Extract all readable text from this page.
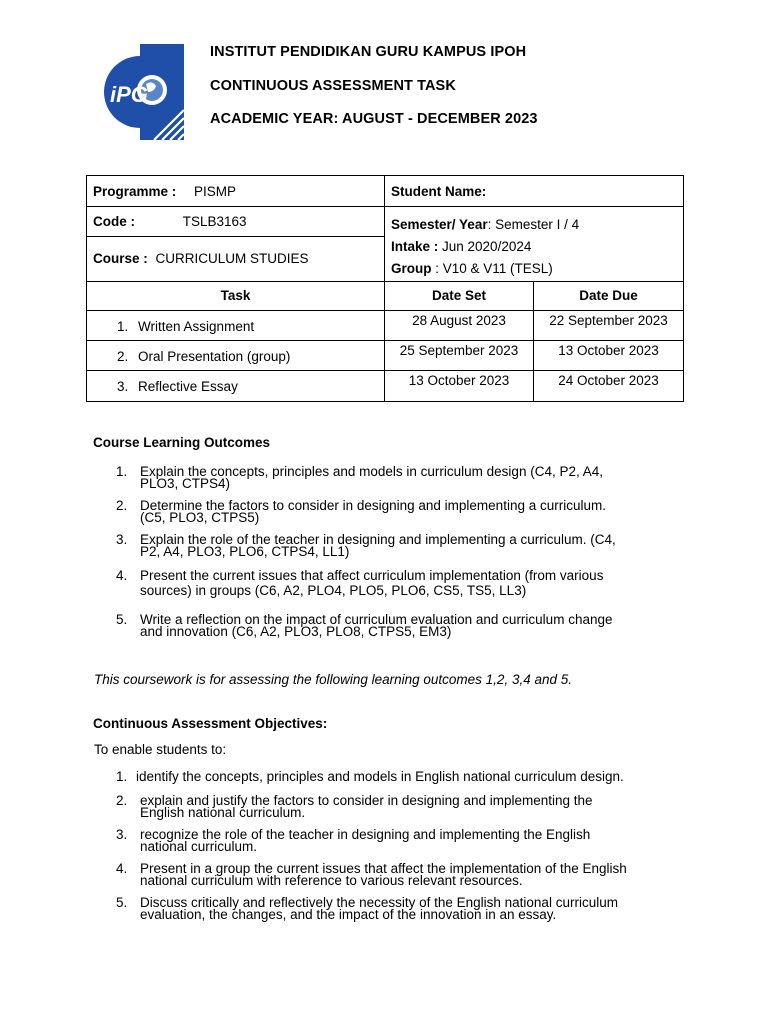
iPG
INSTITUT PENDIDIKAN GURU KAMPUS IPOH
CONTINUOUS ASSESSMENT TASK
ACADEMIC YEAR: AUGUST - DECEMBER 2023
Programme : PISMP	Student Name:	
Code : TSLB3163	Semester/ Year: Semester I / 4
Intake : Jun 2020/2024
Group : V10 & V11 (TESL)	

Course : CURRICULUM STUDIES		
Task	Date Set	Date Due
1. Written Assignment	28 August 2023	22 September 2023
2. Oral Presentation (group)	25 September 2023	13 October 2023
3. Reflective Essay	13 October 2023	24 October 2023
Course Learning Outcomes
1. Explain the concepts, principles and models in curriculum design (C4, P2, A4,
PLO3, CTPS4)
2. Determine the factors to consider in designing and implementing a curriculum.
(C5, PLO3, CTPS5)
3. Explain the role of the teacher in designing and implementing a curriculum. (C4,
P2, A4, PLO3, PLO6, CTPS4, LL1)
4. Present the current issues that affect curriculum implementation (from various
sources) in groups (C6, A2, PLO4, PLO5, PLO6, CS5, TS5, LL3)
5. Write a reflection on the impact of curriculum evaluation and curriculum change
and innovation (C6, A2, PLO3, PLO8, CTPS5, EM3)
This coursework is for assessing the following learning outcomes 1,2, 3,4 and 5.
Continuous Assessment Objectives:
To enable students to:
1. identify the concepts, principles and models in English national curriculum design.
2. explain and justify the factors to consider in designing and implementing the
English national curriculum.
3. recognize the role of the teacher in designing and implementing the English
national curriculum.
4. Present in a group the current issues that affect the implementation of the English
national curriculum with reference to various relevant resources.
5. Discuss critically and reflectively the necessity of the English national curriculum
evaluation, the changes, and the impact of the innovation in an essay.
